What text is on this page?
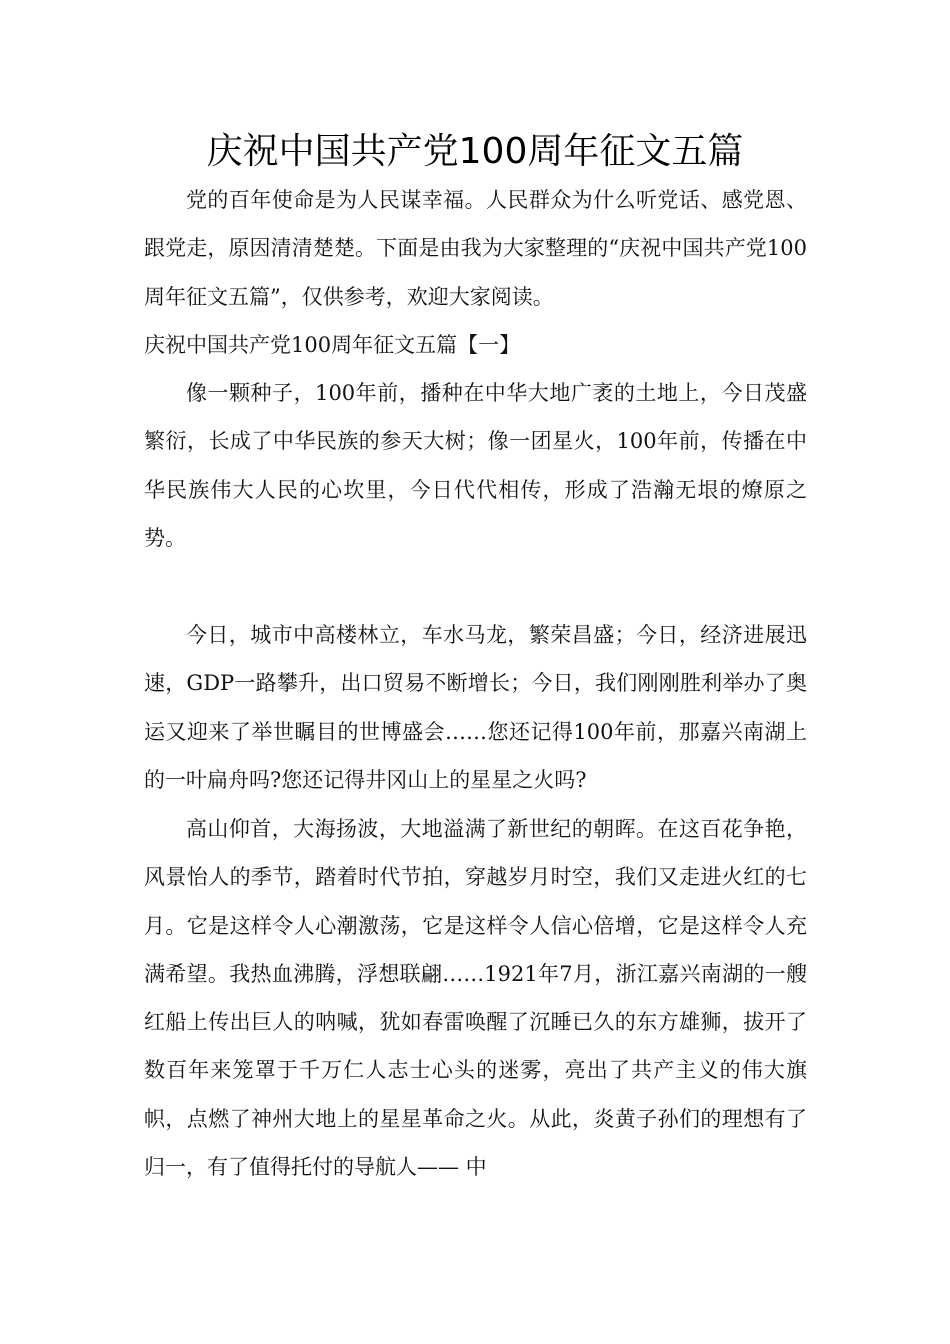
庆祝中国共产党100周年征文五篇

党的百年使命是为人民谋幸福。人民群众为什么听党话、感党恩、跟党走，原因清清楚楚。下面是由我为大家整理的“庆祝中国共产党100周年征文五篇”，仅供参考，欢迎大家阅读。

庆祝中国共产党100周年征文五篇【一】

像一颗种子，100年前，播种在中华大地广袤的土地上，今日茂盛繁衍，长成了中华民族的参天大树；像一团星火，100年前，传播在中华民族伟大人民的心坎里，今日代代相传，形成了浩瀚无垠的燎原之势。

今日，城市中高楼林立，车水马龙，繁荣昌盛；今日，经济进展迅速，GDP一路攀升，出口贸易不断增长；今日，我们刚刚胜利举办了奥运又迎来了举世瞩目的世博盛会……您还记得100年前，那嘉兴南湖上的一叶扁舟吗?您还记得井冈山上的星星之火吗?

高山仰首，大海扬波，大地溢满了新世纪的朝晖。在这百花争艳，风景怡人的季节，踏着时代节拍，穿越岁月时空，我们又走进火红的七月。它是这样令人心潮激荡，它是这样令人信心倍增，它是这样令人充满希望。我热血沸腾，浮想联翩……1921年7月，浙江嘉兴南湖的一艘红船上传出巨人的呐喊，犹如春雷唤醒了沉睡已久的东方雄狮，拔开了数百年来笼罩于千万仁人志士心头的迷雾，亮出了共产主义的伟大旗帜，点燃了神州大地上的星星革命之火。从此，炎黄子孙们的理想有了归一，有了值得托付的导航人—— 中
